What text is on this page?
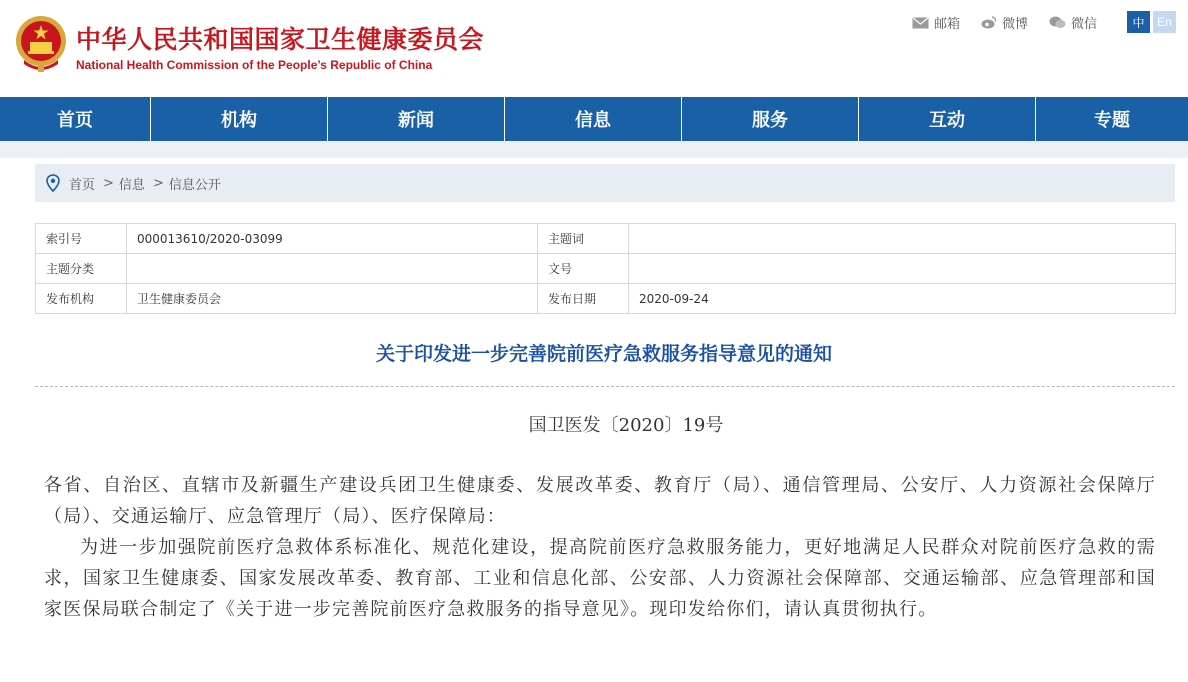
中华人民共和国国家卫生健康委员会
National Health Commission of the People’s Republic of China
邮箱	微博	微信	中	En
首页	机构	新闻	信息	服务	互动	专题
首页 > 信息 > 信息公开
索引号	000013610/2020-03099	主题词	
主题分类		文号	
发布机构	卫生健康委员会	发布日期	2020-09-24
关于印发进一步完善院前医疗急救服务指导意见的通知
国卫医发〔2020〕19号

各省、自治区、直辖市及新疆生产建设兵团卫生健康委、发展改革委、教育厅（局）、通信管理局、公安厅、人力资源社会保障厅（局）、交通运输厅、应急管理厅（局）、医疗保障局：

为进一步加强院前医疗急救体系标准化、规范化建设，提高院前医疗急救服务能力，更好地满足人民群众对院前医疗急救的需求，国家卫生健康委、国家发展改革委、教育部、工业和信息化部、公安部、人力资源社会保障部、交通运输部、应急管理部和国家医保局联合制定了《关于进一步完善院前医疗急救服务的指导意见》。现印发给你们，请认真贯彻执行。
